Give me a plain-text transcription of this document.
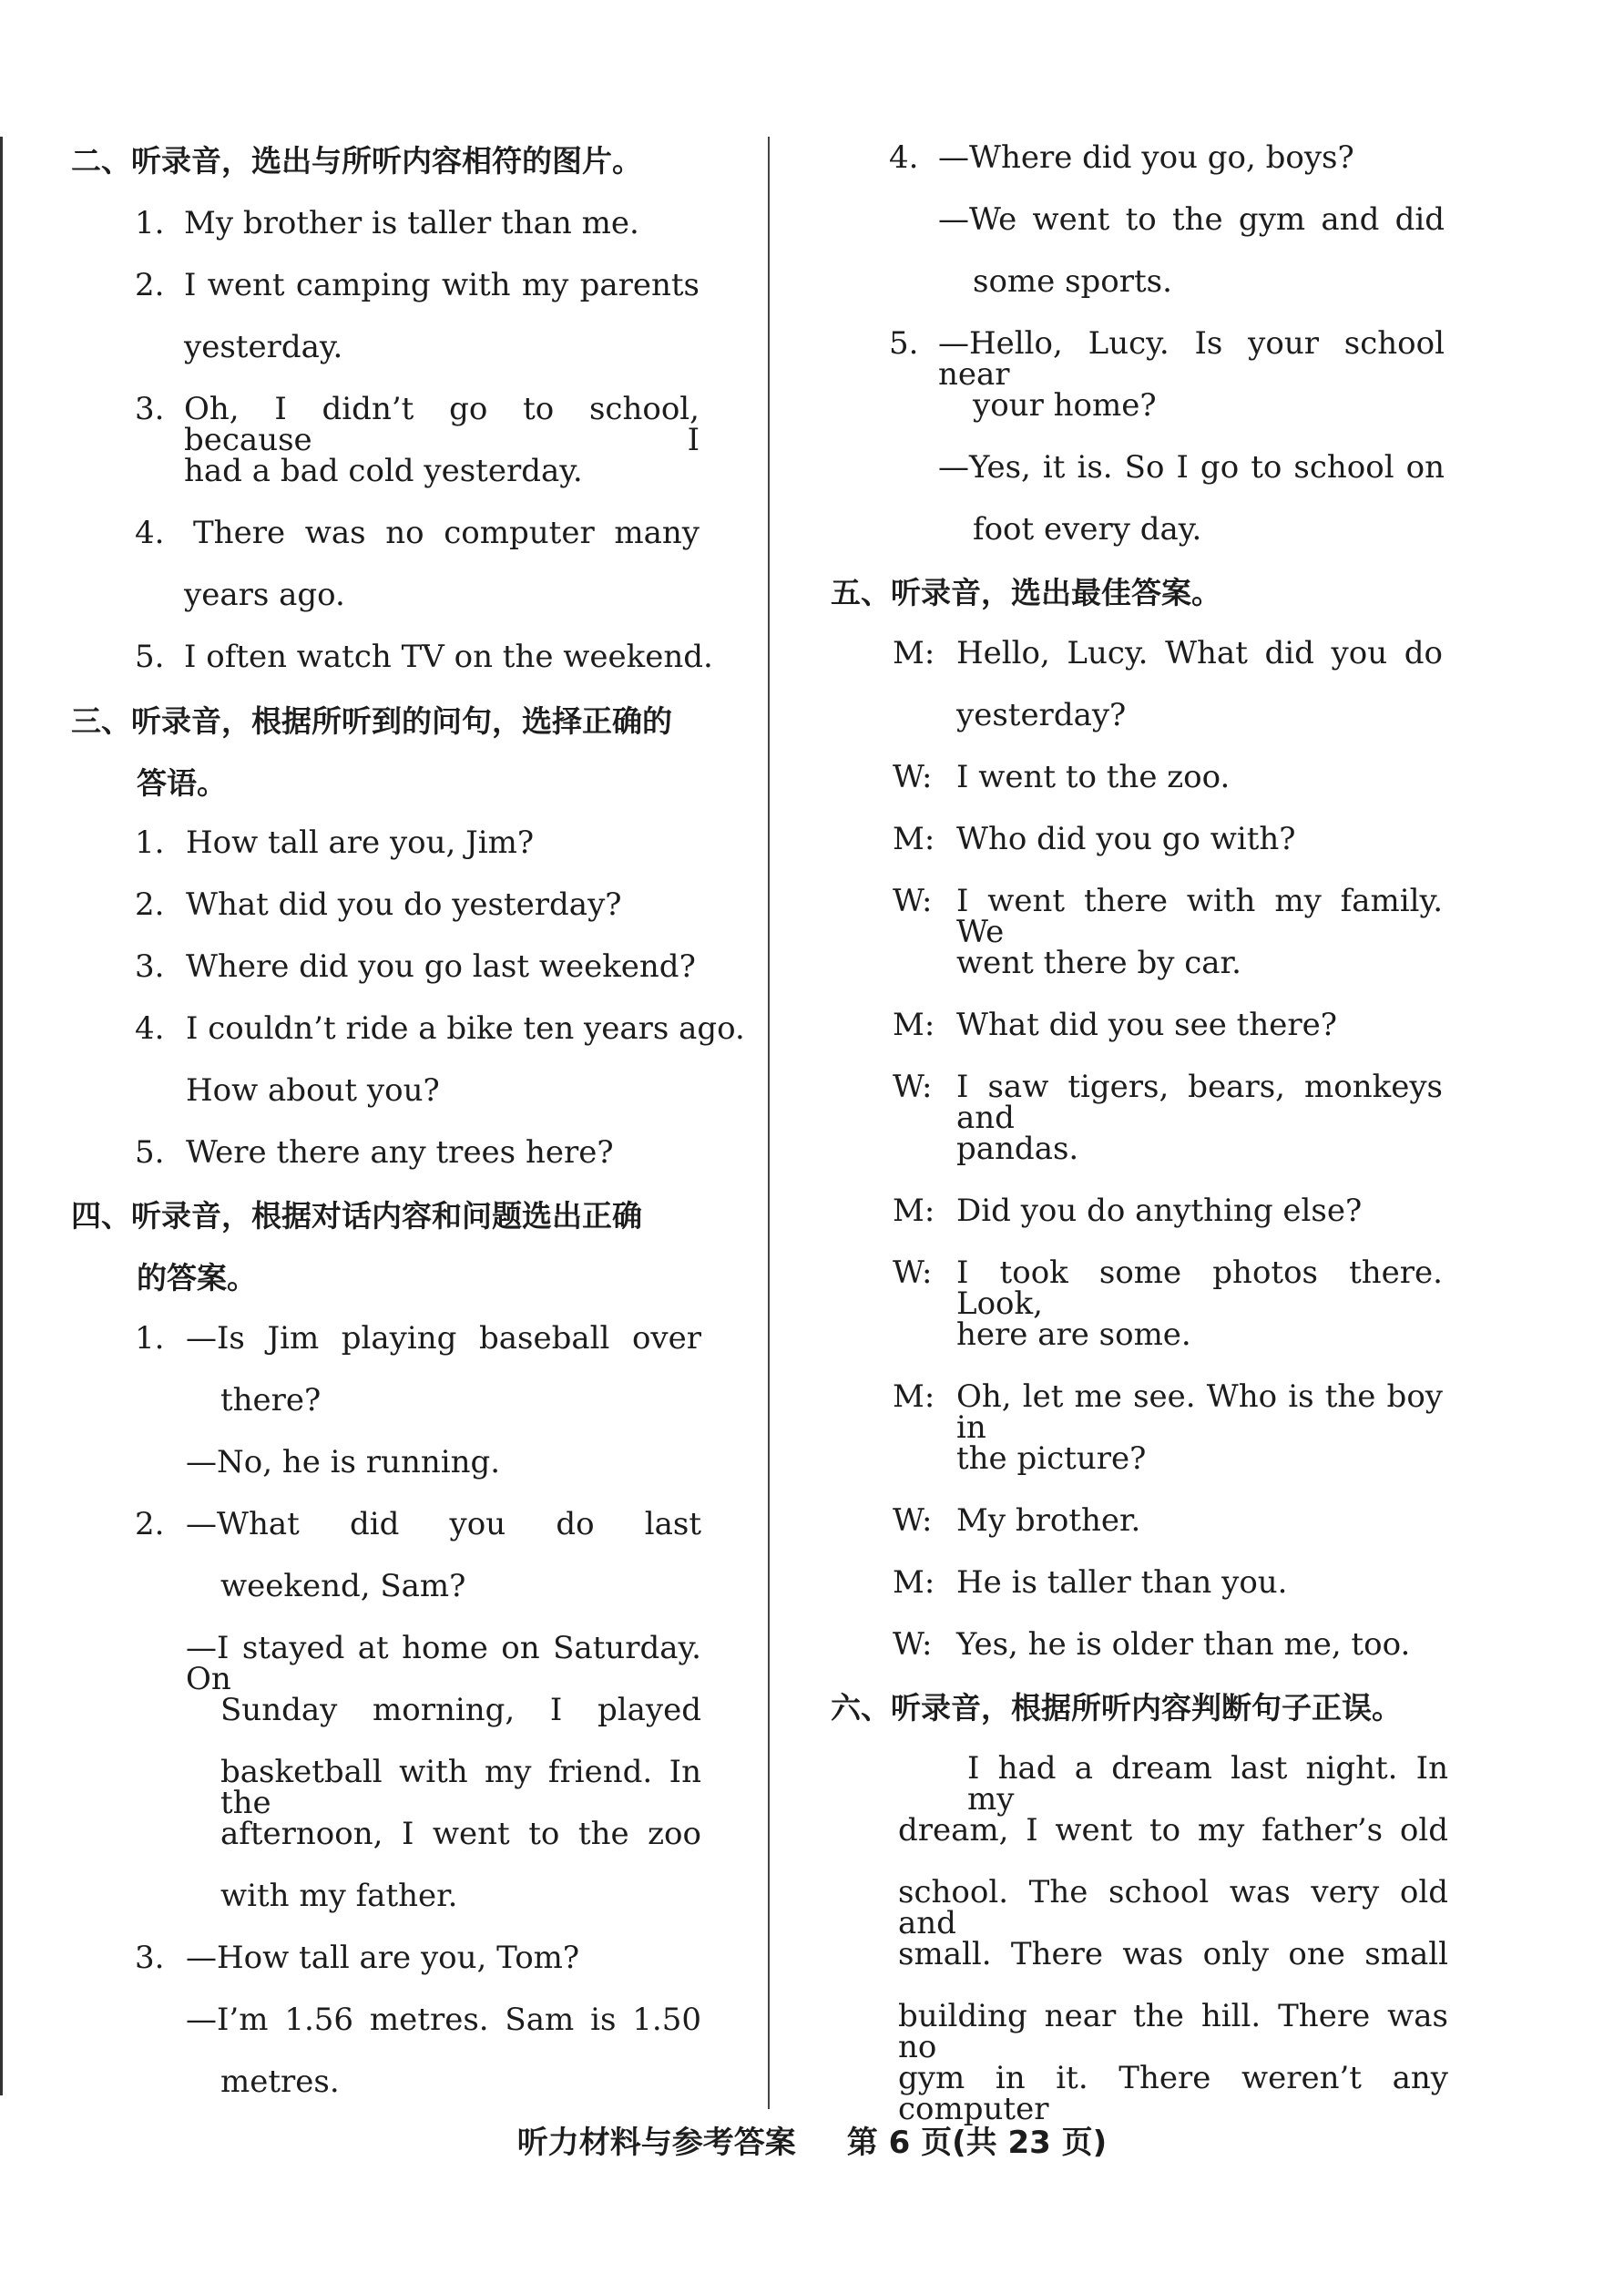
二、听录音，选出与所听内容相符的图片。
1. My brother is taller than me.
2. I went camping with my parents
yesterday.
3. Oh, I didn’t go to school, because I
had a bad cold yesterday.
4. There was no computer many
years ago.
5. I often watch TV on the weekend.
三、听录音，根据所听到的问句，选择正确的
答语。
1. How tall are you, Jim?
2. What did you do yesterday?
3. Where did you go last weekend?
4. I couldn’t ride a bike ten years ago.
How about you?
5. Were there any trees here?
四、听录音，根据对话内容和问题选出正确
的答案。
1. —Is Jim playing baseball over
there?
—No, he is running.
2. —What did you do last
weekend, Sam?
—I stayed at home on Saturday. On
Sunday morning, I played
basketball with my friend. In the
afternoon, I went to the zoo
with my father.
3. —How tall are you, Tom?
—I’m 1.56 metres. Sam is 1.50
metres.
4. —Where did you go, boys?
—We went to the gym and did
some sports.
5. —Hello, Lucy. Is your school near
your home?
—Yes, it is. So I go to school on
foot every day.
五、听录音，选出最佳答案。
M: Hello, Lucy. What did you do
yesterday?
W: I went to the zoo.
M: Who did you go with?
W: I went there with my family. We
went there by car.
M: What did you see there?
W: I saw tigers, bears, monkeys and
pandas.
M: Did you do anything else?
W: I took some photos there. Look,
here are some.
M: Oh, let me see. Who is the boy in
the picture?
W: My brother.
M: He is taller than you.
W: Yes, he is older than me, too.
六、听录音，根据所听内容判断句子正误。
I had a dream last night. In my
dream, I went to my father’s old
school. The school was very old and
small. There was only one small
building near the hill. There was no
gym in it. There weren’t any computer
听力材料与参考答案 第 6 页(共 23 页)
